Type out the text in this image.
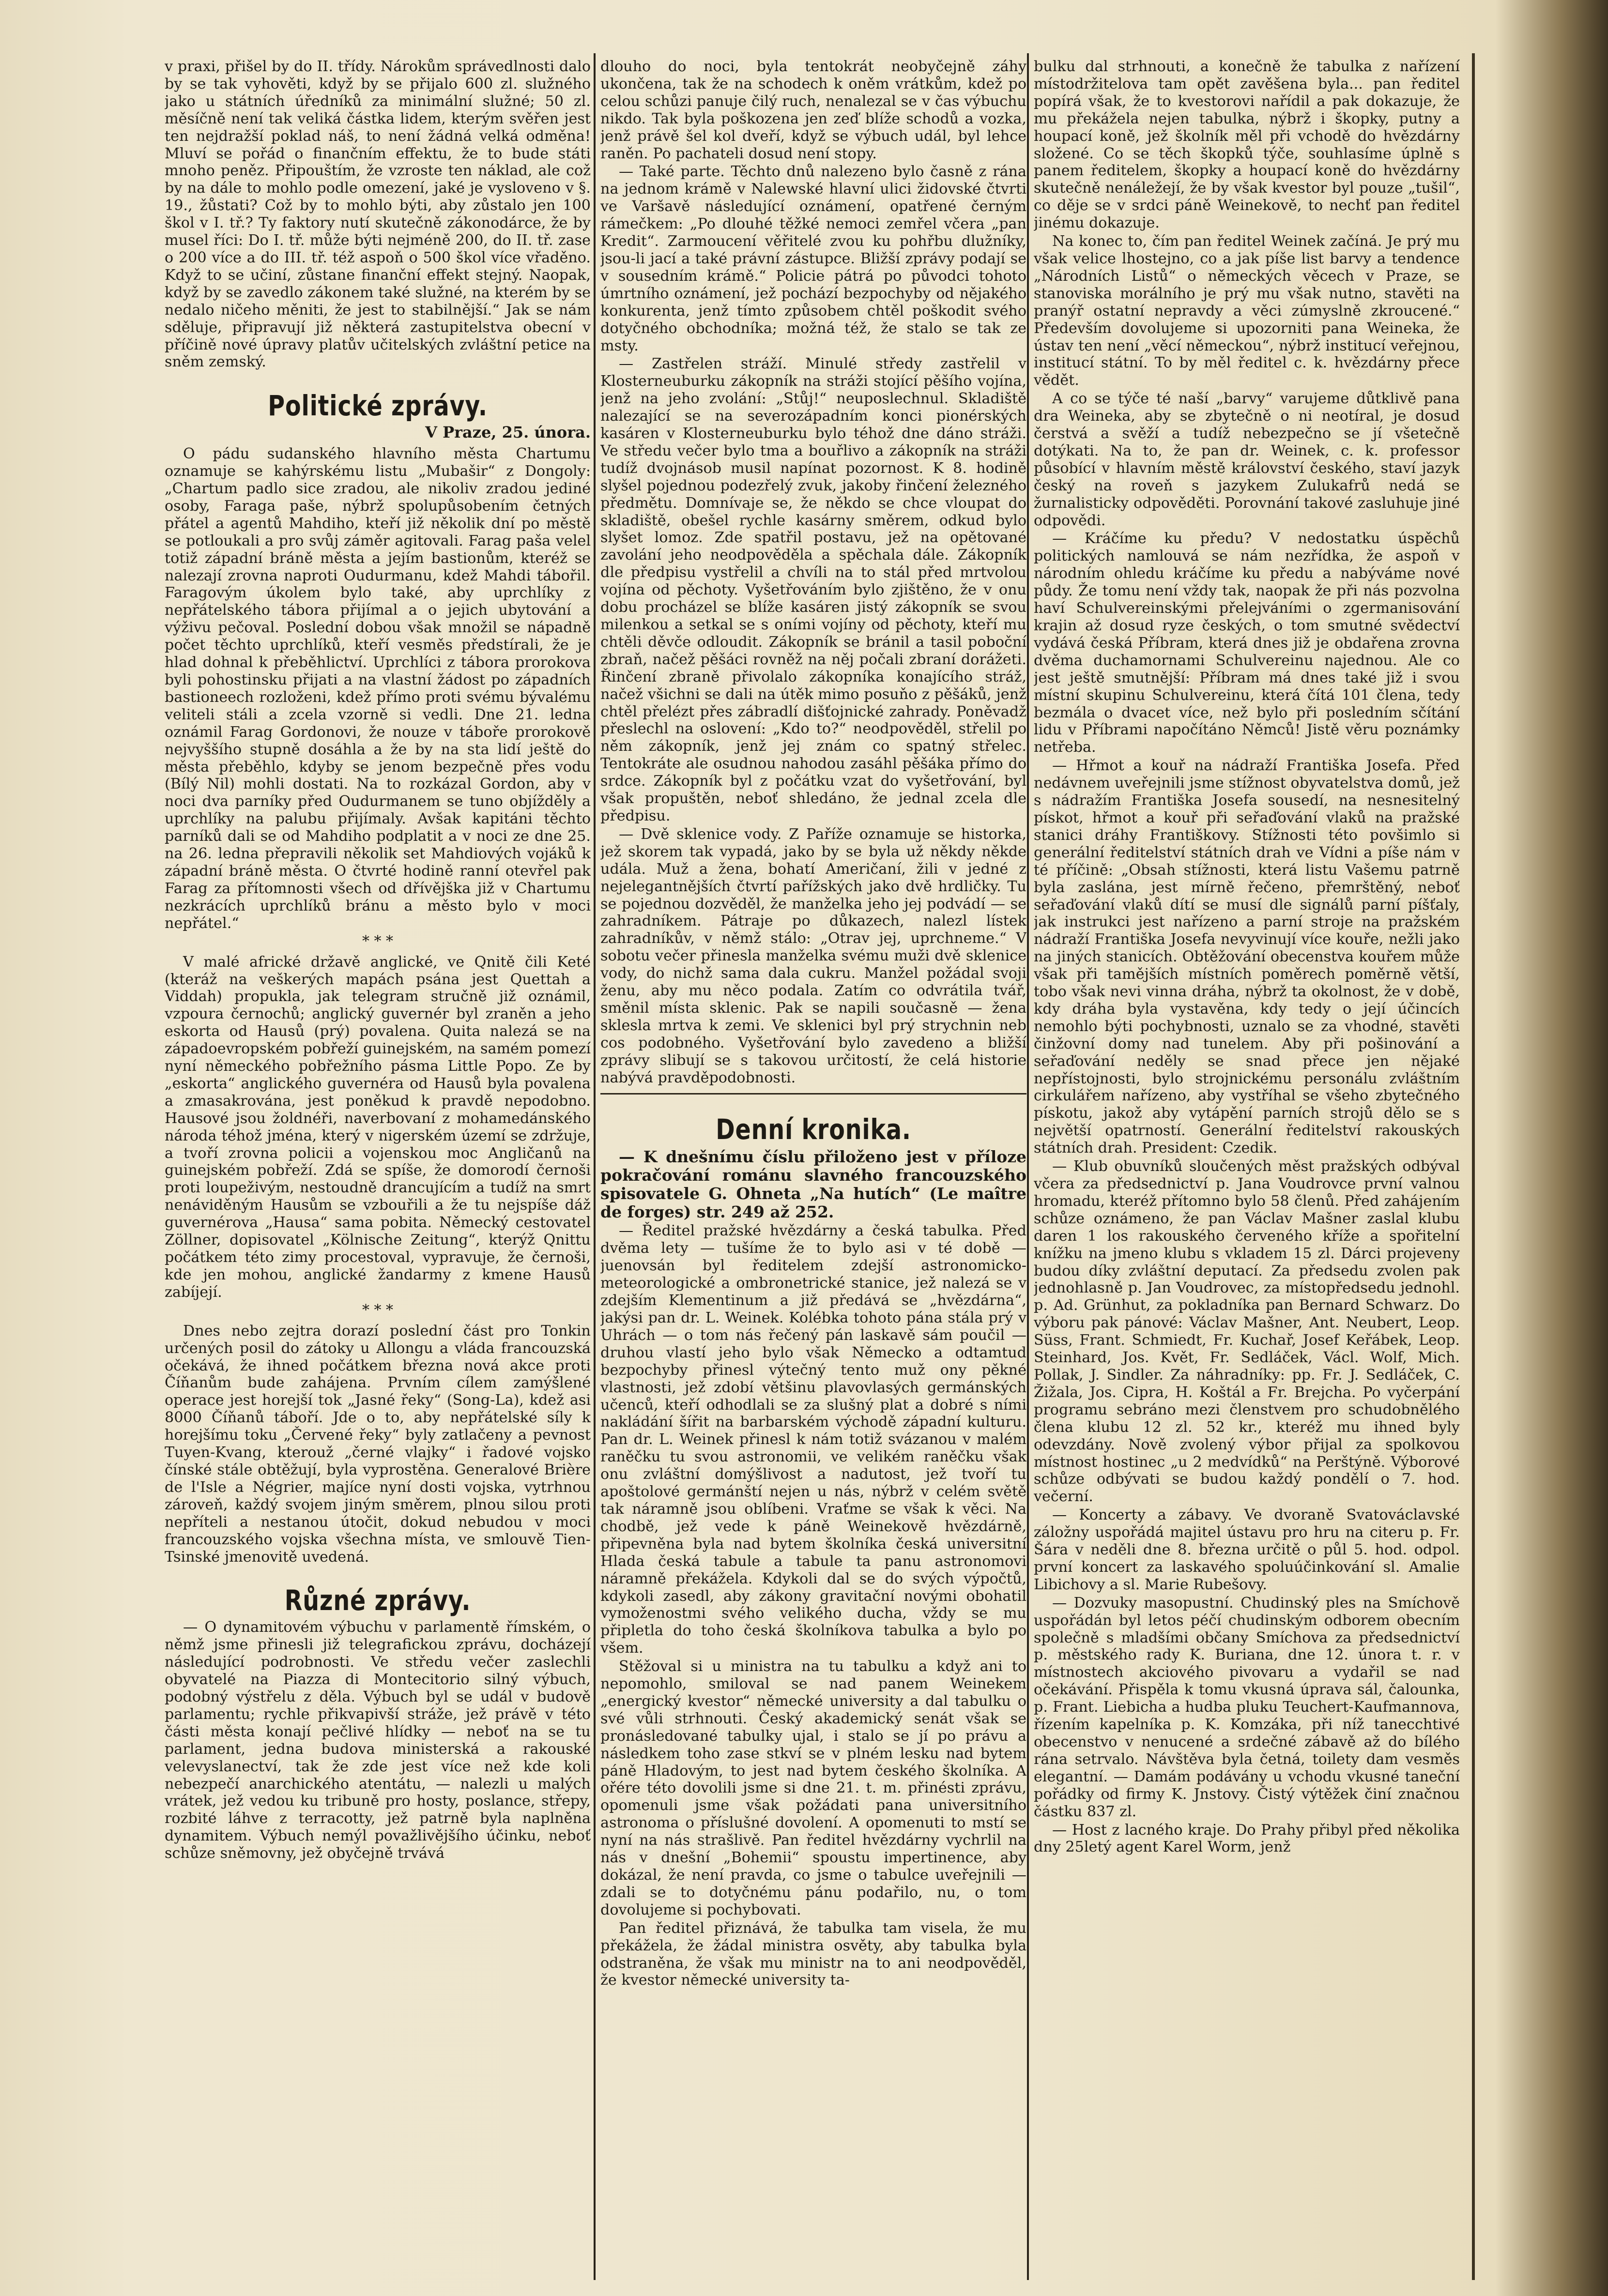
v praxi, přišel by do II. třídy. Nárokům správedlnosti dalo by se tak vyhověti, když by se přijalo 600 zl. služného jako u státních úředníků za minimální služné; 50 zl. měsíčně není tak veliká částka lidem, kterým svěřen jest ten nejdražší poklad náš, to není žádná velká odměna! Mluví se pořád o finančním effektu, že to bude státi mnoho peněz. Připouštím, že vzroste ten náklad, ale což by na dále to mohlo podle omezení, jaké je vysloveno v §. 19., žůstati? Což by to mohlo býti, aby zůstalo jen 100 škol v I. tř.? Ty faktory nutí skutečně zákonodárce, že by musel říci: Do I. tř. může býti nejméně 200, do II. tř. zase o 200 více a do III. tř. též aspoň o 500 škol více vřaděno. Když to se učiní, zůstane finanční effekt stejný. Naopak, když by se zavedlo zákonem také služné, na kterém by se nedalo ničeho měniti, že jest to stabilnější.“ Jak se nám sděluje, připravují již některá zastupitelstva obecní v příčině nové úpravy platův učitelských zvláštní petice na sněm zemský.

Politické zprávy.
V Praze, 25. února.

O pádu sudanského hlavního města Chartumu oznamuje se kahýrskému listu „Mubašir“ z Dongoly: „Chartum padlo sice zradou, ale nikoliv zradou jediné osoby, Faraga paše, nýbrž spolupůsobením četných přátel a agentů Mahdiho, kteří již několik dní po městě se potloukali a pro svůj záměr agitovali. Farag paša velel totiž západní bráně města a jejím bastionům, kteréž se nalezají zrovna naproti Oudurmanu, kdež Mahdi tábořil. Faragovým úkolem bylo také, aby uprchlíky z nepřátelského tábora přijímal a o jejich ubytování a výživu pečoval. Poslední dobou však množil se nápadně počet těchto uprchlíků, kteří vesměs předstírali, že je hlad dohnal k přeběhlictví. Uprchlíci z tábora prorokova byli pohostinsku přijati a na vlastní žádost po západních bastioneech rozloženi, kdež přímo proti svému bývalému veliteli stáli a zcela vzorně si vedli. Dne 21. ledna oznámil Farag Gordonovi, že nouze v táboře prorokově nejvyššího stupně dosáhla a že by na sta lidí ještě do města přeběhlo, kdyby se jenom bezpečně přes vodu (Bílý Nil) mohli dostati. Na to rozkázal Gordon, aby v noci dva parníky před Oudurmanem se tuno objížděly a uprchlíky na palubu přijímaly. Avšak kapitáni těchto parníků dali se od Mahdiho podplatit a v noci ze dne 25. na 26. ledna přepravili několik set Mahdiových vojáků k západní bráně města. O čtvrté hodině ranní otevřel pak Farag za přítomnosti všech od dřívějška již v Chartumu nezkrácích uprchlíků bránu a město bylo v moci nepřátel.“

* * *

V malé africké državě anglické, ve Qnitě čili Keté (kteráž na veškerých mapách psána jest Quettah a Viddah) propukla, jak telegram stručně již oznámil, vzpoura černochů; anglický guvernér byl zraněn a jeho eskorta od Hausů (prý) povalena. Quita nalezá se na západoevropském pobřeží guinejském, na samém pomezí nyní německého pobřežního pásma Little Popo. Ze by „eskorta“ anglického guvernéra od Hausů byla povalena a zmasakrována, jest poněkud k pravdě nepodobno. Hausové jsou žoldnéři, naverbovaní z mohamedánského národa téhož jména, který v nigerském území se zdržuje, a tvoří zrovna policii a vojenskou moc Angličanů na guinejském pobřeží. Zdá se spíše, že domorodí černoši proti loupeživým, nestoudně drancujícím a tudíž na smrt nenáviděným Hausům se vzbouřili a že tu nejspíše dáž guvernérova „Hausa“ sama pobita. Německý cestovatel Zöllner, dopisovatel „Kölnische Zeitung“, kterýž Qnittu počátkem této zimy procestoval, vypravuje, že černoši, kde jen mohou, anglické žandarmy z kmene Hausů zabíjejí.

* * *

Dnes nebo zejtra dorazí poslední část pro Tonkin určených posil do zátoky u Allongu a vláda francouzská očekává, že ihned počátkem března nová akce proti Číňanům bude zahájena. Prvním cílem zamýšlené operace jest horejší tok „Jasné řeky“ (Song-La), kdež asi 8000 Číňanů táboří. Jde o to, aby nepřátelské síly k horejšímu toku „Červené řeky“ byly zatlačeny a pevnost Tuyen-Kvang, kterouž „černé vlajky“ i řadové vojsko čínské stále obtěžují, byla vyprostěna. Generalové Brière de l'Isle a Négrier, majíce nyní dosti vojska, vytrhnou zároveň, každý svojem jiným směrem, plnou silou proti nepříteli a nestanou útočit, dokud nebudou v moci francouzského vojska všechna místa, ve smlouvě Tien-Tsinské jmenovitě uvedená.

Různé zprávy.

— O dynamitovém výbuchu v parlamentě římském, o němž jsme přinesli již telegrafickou zprávu, docházejí následující podrobnosti. Ve středu večer zaslechli obyvatelé na Piazza di Montecitorio silný výbuch, podobný výstřelu z děla. Výbuch byl se udál v budově parlamentu; rychle přikvapivší stráže, jež právě v této části města konají pečlivé hlídky — neboť na se tu parlament, jedna budova ministerská a rakouské velevyslanectví, tak že zde jest více než kde koli nebezpečí anarchického atentátu, — nalezli u malých vrátek, jež vedou ku tribuně pro hosty, poslance, střepy, rozbité láhve z terracotty, jež patrně byla naplněna dynamitem. Výbuch nemýl považlivějšího účinku, neboť schůze sněmovny, jež obyčejně trvává

dlouho do noci, byla tentokrát neobyčejně záhy ukončena, tak že na schodech k oněm vrátkům, kdež po celou schůzi panuje čilý ruch, nenalezal se v čas výbuchu nikdo. Tak byla poškozena jen zeď blíže schodů a vozka, jenž právě šel kol dveří, když se výbuch udál, byl lehce raněn. Po pachateli dosud není stopy.

— Také parte. Těchto dnů nalezeno bylo časně z rána na jednom krámě v Nalewské hlavní ulici židovské čtvrti ve Varšavě následující oznámení, opatřené černým rámečkem: „Po dlouhé těžké nemoci zemřel včera „pan Kredit“. Zarmoucení věřitelé zvou ku pohřbu dlužníky, jsou-li jací a také právní zástupce. Bližší zprávy podají se v sousedním krámě.“ Policie pátrá po původci tohoto úmrtního oznámení, jež pochází bezpochyby od nějakého konkurenta, jenž tímto způsobem chtěl poškodit svého dotyčného obchodníka; možná též, že stalo se tak ze msty.

— Zastřelen stráží. Minulé středy zastřelil v Klosterneuburku zákopník na stráži stojící pěšího vojína, jenž na jeho zvolání: „Stůj!“ neuposlechnul. Skladiště nalezající se na severozápadním konci pionérských kasáren v Klosterneuburku bylo téhož dne dáno stráži. Ve středu večer bylo tma a bouřlivo a zákopník na stráži tudíž dvojnásob musil napínat pozornost. K 8. hodině slyšel pojednou podezřelý zvuk, jakoby řinčení železného předmětu. Domnívaje se, že někdo se chce vloupat do skladiště, obešel rychle kasárny směrem, odkud bylo slyšet lomoz. Zde spatřil postavu, jež na opětované zavolání jeho neodpověděla a spěchala dále. Zákopník dle předpisu vystřelil a chvíli na to stál před mrtvolou vojína od pěchoty. Vyšetřováním bylo zjištěno, že v onu dobu procházel se blíže kasáren jistý zákopník se svou milenkou a setkal se s oními vojíny od pěchoty, kteří mu chtěli děvče odloudit. Zákopník se bránil a tasil poboční zbraň, načež pěšáci rovněž na něj počali zbraní dorážeti. Řinčení zbraně přivolalo zákopníka konajícího stráž, načež všichni se dali na útěk mimo posuňo z pěšáků, jenž chtěl přelézt přes zábradlí dišťojnické zahrady. Poněvadž přeslechl na oslovení: „Kdo to?“ neodpověděl, střelil po něm zákopník, jenž jej znám co spatný střelec. Tentokráte ale osudnou nahodou zasáhl pěšáka přímo do srdce. Zákopník byl z počátku vzat do vyšetřování, byl však propuštěn, neboť shledáno, že jednal zcela dle předpisu.

— Dvě sklenice vody. Z Paříže oznamuje se historka, jež skorem tak vypadá, jako by se byla už někdy někde udála. Muž a žena, bohatí Američaní, žili v jedné z nejelegantnějších čtvrtí pařížských jako dvě hrdličky. Tu se pojednou dozvěděl, že manželka jeho jej podvádí — se zahradníkem. Pátraje po důkazech, nalezl lístek zahradníkův, v němž stálo: „Otrav jej, uprchneme.“ V sobotu večer přinesla manželka svému muži dvě sklenice vody, do nichž sama dala cukru. Manžel požádal svoji ženu, aby mu něco podala. Zatím co odvrátila tvář, směnil místa sklenic. Pak se napili současně — žena sklesla mrtva k zemi. Ve sklenici byl prý strychnin neb cos podobného. Vyšetřování bylo zavedeno a bližší zprávy slibují se s takovou určitostí, že celá historie nabývá pravděpodobnosti.

Denní kronika.

— K dnešnímu číslu přiloženo jest v příloze pokračování románu slavného francouzského spisovatele G. Ohneta „Na hutích“ (Le maître de forges) str. 249 až 252.

— Ředitel pražské hvězdárny a česká tabulka. Před dvěma lety — tušíme že to bylo asi v té době — juenovsán byl ředitelem zdejší astronomicko-meteorologické a ombronetrické stanice, jež nalezá se v zdejším Klementinum a již předává se „hvězdárna“, jakýsi pan dr. L. Weinek. Kolébka tohoto pána stála prý v Uhrách — o tom nás řečený pán laskavě sám poučil — druhou vlastí jeho bylo však Německo a odtamtud bezpochyby přinesl výtečný tento muž ony pěkné vlastnosti, jež zdobí většinu plavovlasých germánských učenců, kteří odhodlali se za slušný plat a dobré s ními nakládání šířit na barbarském východě západní kulturu. Pan dr. L. Weinek přinesl k nám totiž svázanou v malém raněčku tu svou astronomii, ve velikém raněčku však onu zvláštní domýšlivost a nadutost, jež tvoří tu apoštolové germánští nejen u nás, nýbrž v celém světě tak náramně jsou oblíbeni. Vraťme se však k věci. Na chodbě, jež vede k páně Weinekově hvězdárně, připevněna byla nad bytem školníka česká universitní Hlada česká tabule a tabule ta panu astronomovi náramně překážela. Kdykoli dal se do svých výpočtů, kdykoli zasedl, aby zákony gravitační novými obohatil vymoženostmi svého velikého ducha, vždy se mu připletla do toho česká školníkova tabulka a bylo po všem.

Stěžoval si u ministra na tu tabulku a když ani to nepomohlo, smiloval se nad panem Weinekem „energický kvestor“ německé university a dal tabulku o své vůli strhnouti. Český akademický senát však se pronásledované tabulky ujal, i stalo se jí po právu a následkem toho zase stkví se v plném lesku nad bytem páně Hladovým, to jest nad bytem českého školníka. A ořére této dovolili jsme si dne 21. t. m. přinésti zprávu, opomenuli jsme však požádati pana universitního astronoma o příslušné dovolení. A opomenuti to mstí se nyní na nás strašlivě. Pan ředitel hvězdárny vychrlil na nás v dnešní „Bohemii“ spoustu impertinence, aby dokázal, že není pravda, co jsme o tabulce uveřejnili — zdali se to dotyčnému pánu podařilo, nu, o tom dovolujeme si pochybovati.

Pan ředitel přiznává, že tabulka tam visela, že mu překážela, že žádal ministra osvěty, aby tabulka byla odstraněna, že však mu ministr na to ani neodpověděl, že kvestor německé university ta-

bulku dal strhnouti, a konečně že tabulka z nařízení místodržitelova tam opět zavěšena byla... pan ředitel popírá však, že to kvestorovi nařídil a pak dokazuje, že mu překážela nejen tabulka, nýbrž i škopky, putny a houpací koně, jež školník měl při vchodě do hvězdárny složené. Co se těch škopků týče, souhlasíme úplně s panem ředitelem, škopky a houpací koně do hvězdárny skutečně nenáležejí, že by však kvestor byl pouze „tušil“, co děje se v srdci páně Weinekově, to nechť pan ředitel jinému dokazuje.

Na konec to, čím pan ředitel Weinek začíná. Je prý mu však velice lhostejno, co a jak píše list barvy a tendence „Národních Listů“ o německých věcech v Praze, se stanoviska morálního je prý mu však nutno, stavěti na pranýř ostatní nepravdy a věci zúmyslně zkroucené.“ Především dovolujeme si upozorniti pana Weineka, že ústav ten není „věcí německou“, nýbrž institucí veřejnou, institucí státní. To by měl ředitel c. k. hvězdárny přece vědět.

A co se týče té naší „barvy“ varujeme důtklivě pana dra Weineka, aby se zbytečně o ni neotíral, je dosud čerstvá a svěží a tudíž nebezpečno se jí všetečně dotýkati. Na to, že pan dr. Weinek, c. k. professor působící v hlavním městě království českého, staví jazyk český na roveň s jazykem Zulukafrů nedá se žurnalisticky odpověděti. Porovnání takové zasluhuje jiné odpovědi.

— Kráčíme ku předu? V nedostatku úspěchů politických namlouvá se nám nezřídka, že aspoň v národním ohledu kráčíme ku předu a nabýváme nové půdy. Že tomu není vždy tak, naopak že při nás pozvolna haví Schulvereinskými přelejváními o zgermanisování krajin až dosud ryze českých, o tom smutné svědectví vydává česká Příbram, která dnes již je obdařena zrovna dvěma duchamornami Schulvereinu najednou. Ale co jest ještě smutnější: Příbram má dnes také již i svou místní skupinu Schulvereinu, která čítá 101 člena, tedy bezmála o dvacet více, než bylo při posledním sčítání lidu v Příbrami napočítáno Němců! Jistě věru poznámky netřeba.

— Hřmot a kouř na nádraží Františka Josefa. Před nedávnem uveřejnili jsme stížnost obyvatelstva domů, jež s nádražím Františka Josefa sousedí, na nesnesitelný pískot, hřmot a kouř při seřaďování vlaků na pražské stanici dráhy Františkovy. Stížnosti této povšimlo si generální ředitelství státních drah ve Vídni a píše nám v té příčině: „Obsah stížnosti, která listu Vašemu patrně byla zaslána, jest mírně řečeno, přemrštěný, neboť seřaďování vlaků dítí se musí dle signálů parní píšťaly, jak instrukci jest nařízeno a parní stroje na pražském nádraží Františka Josefa nevyvinují více kouře, nežli jako na jiných stanicích. Obtěžování obecenstva kouřem může však při tamějších místních poměrech poměrně větší, tobo však nevi vinna dráha, nýbrž ta okolnost, že v době, kdy dráha byla vystavěna, kdy tedy o její účincích nemohlo býti pochybnosti, uznalo se za vhodné, stavěti činžovní domy nad tunelem. Aby při pošinování a seřaďování neděly se snad přece jen nějaké nepřístojnosti, bylo strojnickému personálu zvláštním cirkulářem nařízeno, aby vystříhal se všeho zbytečného pískotu, jakož aby vytápění parních strojů dělo se s největší opatrností. Generální ředitelství rakouských státních drah. President: Czedik.

— Klub obuvníků sloučených měst pražských odbýval včera za předsednictví p. Jana Voudrovce první valnou hromadu, kteréž přítomno bylo 58 členů. Před zahájením schůze oznámeno, že pan Václav Mašner zaslal klubu daren 1 los rakouského červeného kříže a spořitelní knížku na jmeno klubu s vkladem 15 zl. Dárci projeveny budou díky zvláštní deputací. Za předsedu zvolen pak jednohlasně p. Jan Voudrovec, za místopředsedu jednohl. p. Ad. Grünhut, za pokladníka pan Bernard Schwarz. Do výboru pak pánové: Václav Mašner, Ant. Neubert, Leop. Süss, Frant. Schmiedt, Fr. Kuchař, Josef Keřábek, Leop. Steinhard, Jos. Květ, Fr. Sedláček, Václ. Wolf, Mich. Pollak, J. Sindler. Za náhradníky: pp. Fr. J. Sedláček, C. Žižala, Jos. Cipra, H. Koštál a Fr. Brejcha. Po vyčerpání programu sebráno mezi členstvem pro schudobnělého člena klubu 12 zl. 52 kr., kteréž mu ihned byly odevzdány. Nově zvolený výbor přijal za spolkovou místnost hostinec „u 2 medvídků“ na Perštýně. Výborové schůze odbývati se budou každý pondělí o 7. hod. večerní.

— Koncerty a zábavy. Ve dvoraně Svatováclavské záložny uspořádá majitel ústavu pro hru na citeru p. Fr. Šára v neděli dne 8. března určitě o půl 5. hod. odpol. první koncert za laskavého spoluúčinkování sl. Amalie Libichovy a sl. Marie Rubešovy.

— Dozvuky masopustní. Chudinský ples na Smíchově uspořádán byl letos péčí chudinským odborem obecním společně s mladšími občany Smíchova za předsednictví p. městského rady K. Buriana, dne 12. února t. r. v místnostech akciového pivovaru a vydařil se nad očekávání. Přispěla k tomu vkusná úprava sál, čalounka, p. Frant. Liebicha a hudba pluku Teuchert-Kaufmannova, řízením kapelníka p. K. Komzáka, při níž tanecchtivé obecenstvo v nenucené a srdečné zábavě až do bílého rána setrvalo. Návštěva byla četná, toilety dam vesměs elegantní. — Damám podávány u vchodu vkusné taneční pořádky od firmy K. Jnstovy. Čistý výtěžek činí značnou částku 837 zl.

— Host z lacného kraje. Do Prahy přibyl před několika dny 25letý agent Karel Worm, jenž
